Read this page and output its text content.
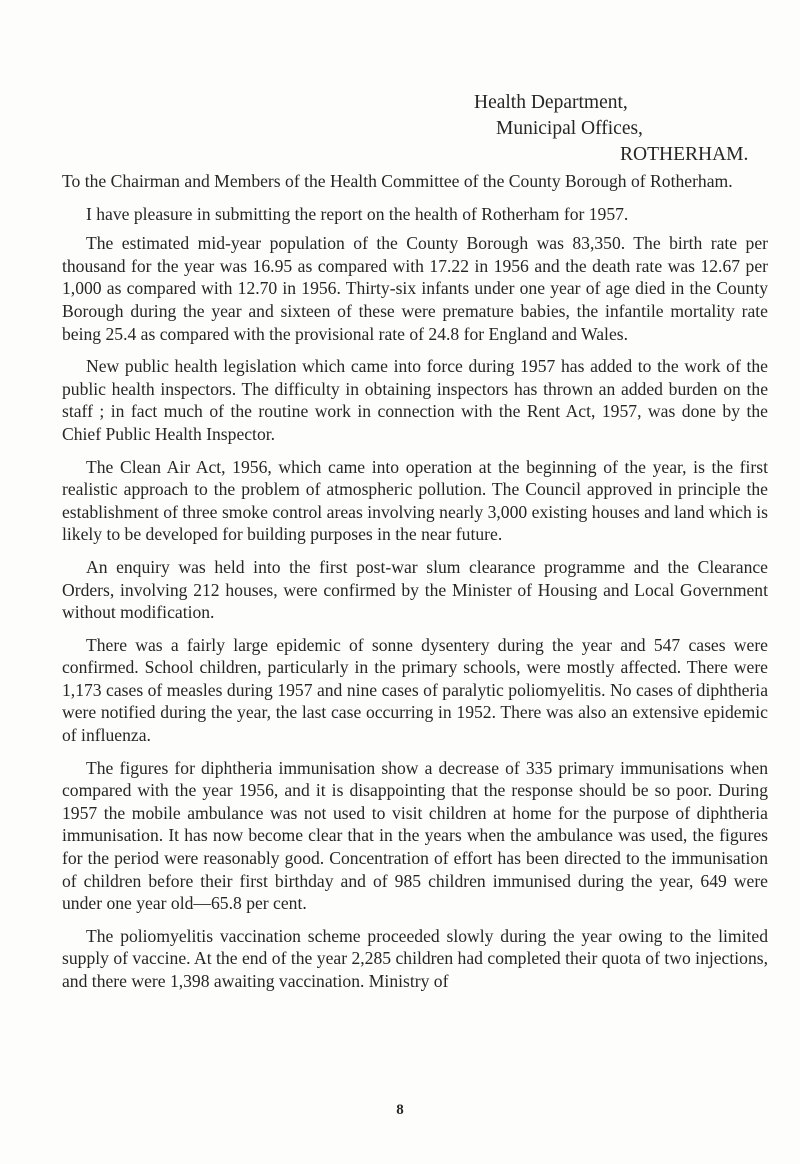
Health Department,
Municipal Offices,
ROTHERHAM.

To the Chairman and Members of the Health Committee of the County Borough of Rotherham.

I have pleasure in submitting the report on the health of Rotherham for 1957.

The estimated mid-year population of the County Borough was 83,350. The birth rate per thousand for the year was 16.95 as compared with 17.22 in 1956 and the death rate was 12.67 per 1,000 as compared with 12.70 in 1956. Thirty-six infants under one year of age died in the County Borough during the year and sixteen of these were premature babies, the infantile mortality rate being 25.4 as compared with the provisional rate of 24.8 for England and Wales.

New public health legislation which came into force during 1957 has added to the work of the public health inspectors. The difficulty in obtaining inspectors has thrown an added burden on the staff ; in fact much of the routine work in connection with the Rent Act, 1957, was done by the Chief Public Health Inspector.

The Clean Air Act, 1956, which came into operation at the beginning of the year, is the first realistic approach to the problem of atmospheric pollution. The Council approved in principle the establishment of three smoke control areas involving nearly 3,000 existing houses and land which is likely to be developed for building purposes in the near future.

An enquiry was held into the first post-war slum clearance programme and the Clearance Orders, involving 212 houses, were confirmed by the Minister of Housing and Local Government without modification.

There was a fairly large epidemic of sonne dysentery during the year and 547 cases were confirmed. School children, particularly in the primary schools, were mostly affected. There were 1,173 cases of measles during 1957 and nine cases of paralytic poliomyelitis. No cases of diphtheria were notified during the year, the last case occurring in 1952. There was also an extensive epidemic of influenza.

The figures for diphtheria immunisation show a decrease of 335 primary immunisations when compared with the year 1956, and it is disappointing that the response should be so poor. During 1957 the mobile ambulance was not used to visit children at home for the purpose of diphtheria immunisation. It has now become clear that in the years when the ambulance was used, the figures for the period were reasonably good. Concentration of effort has been directed to the immunisation of children before their first birthday and of 985 children immunised during the year, 649 were under one year old—65.8 per cent.

The poliomyelitis vaccination scheme proceeded slowly during the year owing to the limited supply of vaccine. At the end of the year 2,285 children had completed their quota of two injections, and there were 1,398 awaiting vaccination. Ministry of

8
